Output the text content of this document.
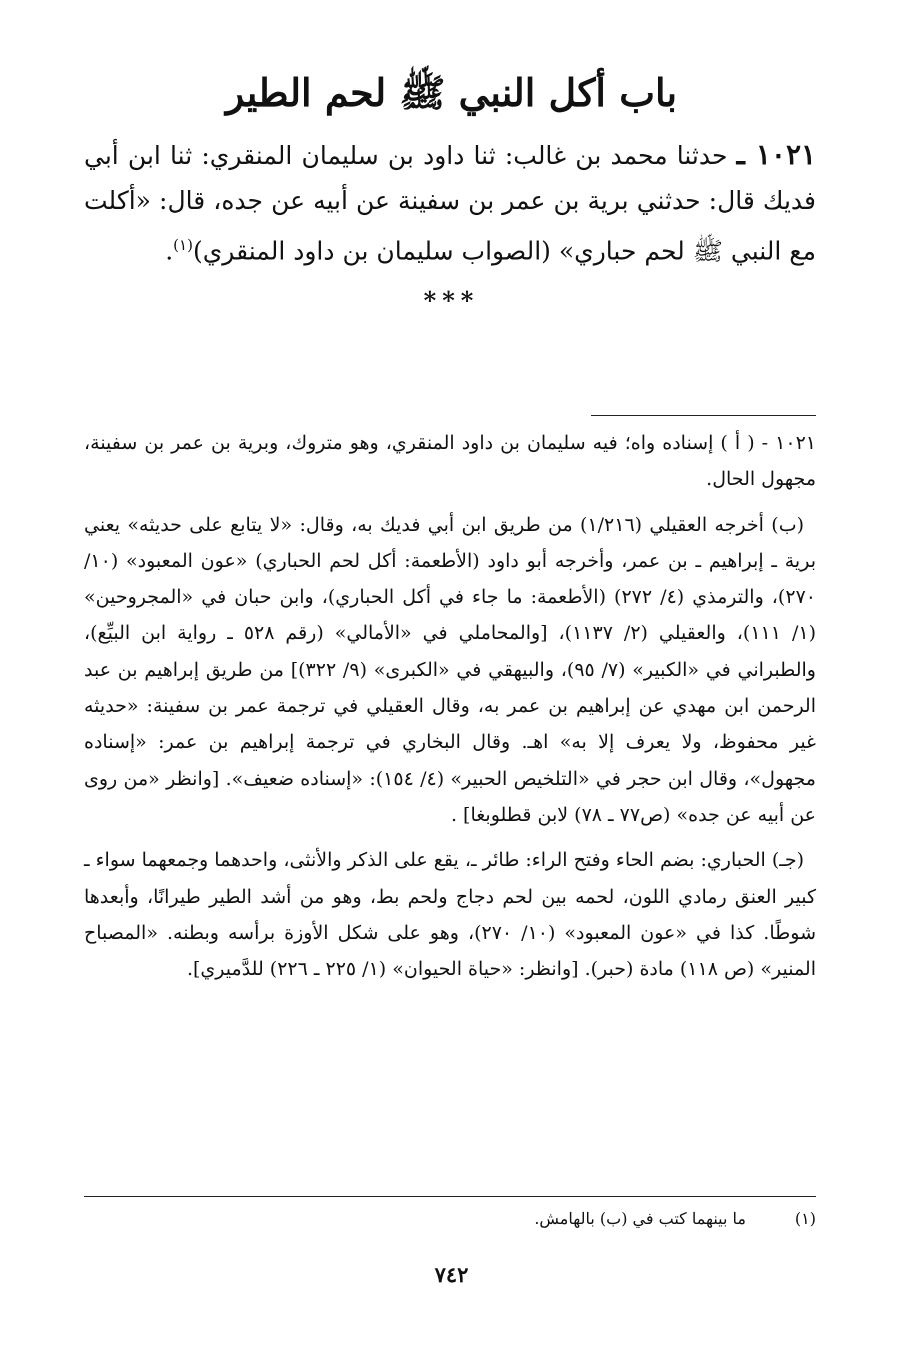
باب أكل النبي ﷺ لحم الطير
١٠٢١ ـ حدثنا محمد بن غالب: ثنا داود بن سليمان المنقري: ثنا ابن أبي فديك قال: حدثني برية بن عمر بن سفينة عن أبيه عن جده، قال: «أكلت مع النبي ﷺ لحم حباري» (الصواب سليمان بن داود المنقري)$^{(١)}$.
***

١٠٢١ - ( أ ) إسناده واه؛ فيه سليمان بن داود المنقري، وهو متروك، وبرية بن عمر بن سفينة، مجهول الحال.

(ب) أخرجه العقيلي (١/٢١٦) من طريق ابن أبي فديك به، وقال: «لا يتابع على حديثه» يعني برية ـ إبراهيم ـ بن عمر، وأخرجه أبو داود (الأطعمة: أكل لحم الحباري) «عون المعبود» (١٠/ ٢٧٠)، والترمذي (٤/ ٢٧٢) (الأطعمة: ما جاء في أكل الحباري)، وابن حبان في «المجروحين» (١/ ١١١)، والعقيلي (٢/ ١١٣٧)، [والمحاملي في «الأمالي» (رقم ٥٢٨ ـ رواية ابن البيِّع)، والطبراني في «الكبير» (٧/ ٩٥)، والبيهقي في «الكبرى» (٩/ ٣٢٢)] من طريق إبراهيم بن عبد الرحمن ابن مهدي عن إبراهيم بن عمر به، وقال العقيلي في ترجمة عمر بن سفينة: «حديثه غير محفوظ، ولا يعرف إلا به» اهـ. وقال البخاري في ترجمة إبراهيم بن عمر: «إسناده مجهول»، وقال ابن حجر في «التلخيص الحبير» (٤/ ١٥٤): «إسناده ضعيف». [وانظر «من روى عن أبيه عن جده» (ص٧٧ ـ ٧٨) لابن قطلوبغا] .

(جـ) الحباري: بضم الحاء وفتح الراء: طائر ـ، يقع على الذكر والأنثى، واحدهما وجمعهما سواء ـ كبير العنق رمادي اللون، لحمه بين لحم دجاج ولحم بط، وهو من أشد الطير طيرانًا، وأبعدها شوطًا. كذا في «عون المعبود» (١٠/ ٢٧٠)، وهو على شكل الأوزة برأسه وبطنه. «المصباح المنير» (ص ١١٨) مادة (حبر). [وانظر: «حياة الحيوان» (١/ ٢٢٥ ـ ٢٢٦) للدَّميري].

(١)ما بينهما كتب في (ب) بالهامش.
٧٤٢
